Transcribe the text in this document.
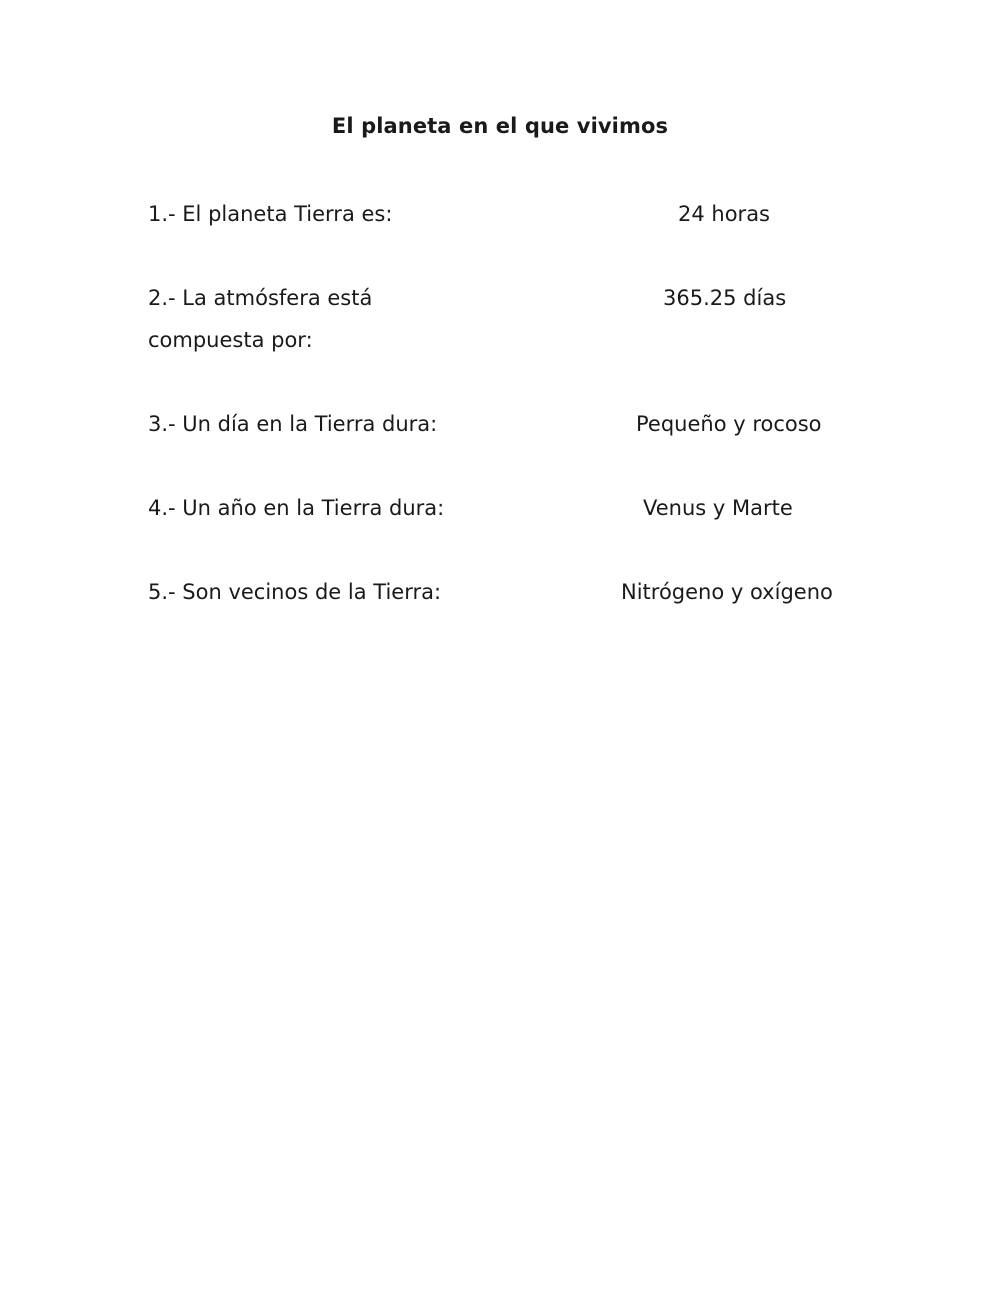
El planeta en el que vivimos
1.- El planeta Tierra es:
2.- La atmósfera está
compuesta por:
3.- Un día en la Tierra dura:
4.- Un año en la Tierra dura:
5.- Son vecinos de la Tierra:
24 horas
365.25 días
Pequeño y rocoso
Venus y Marte
Nitrógeno y oxígeno
